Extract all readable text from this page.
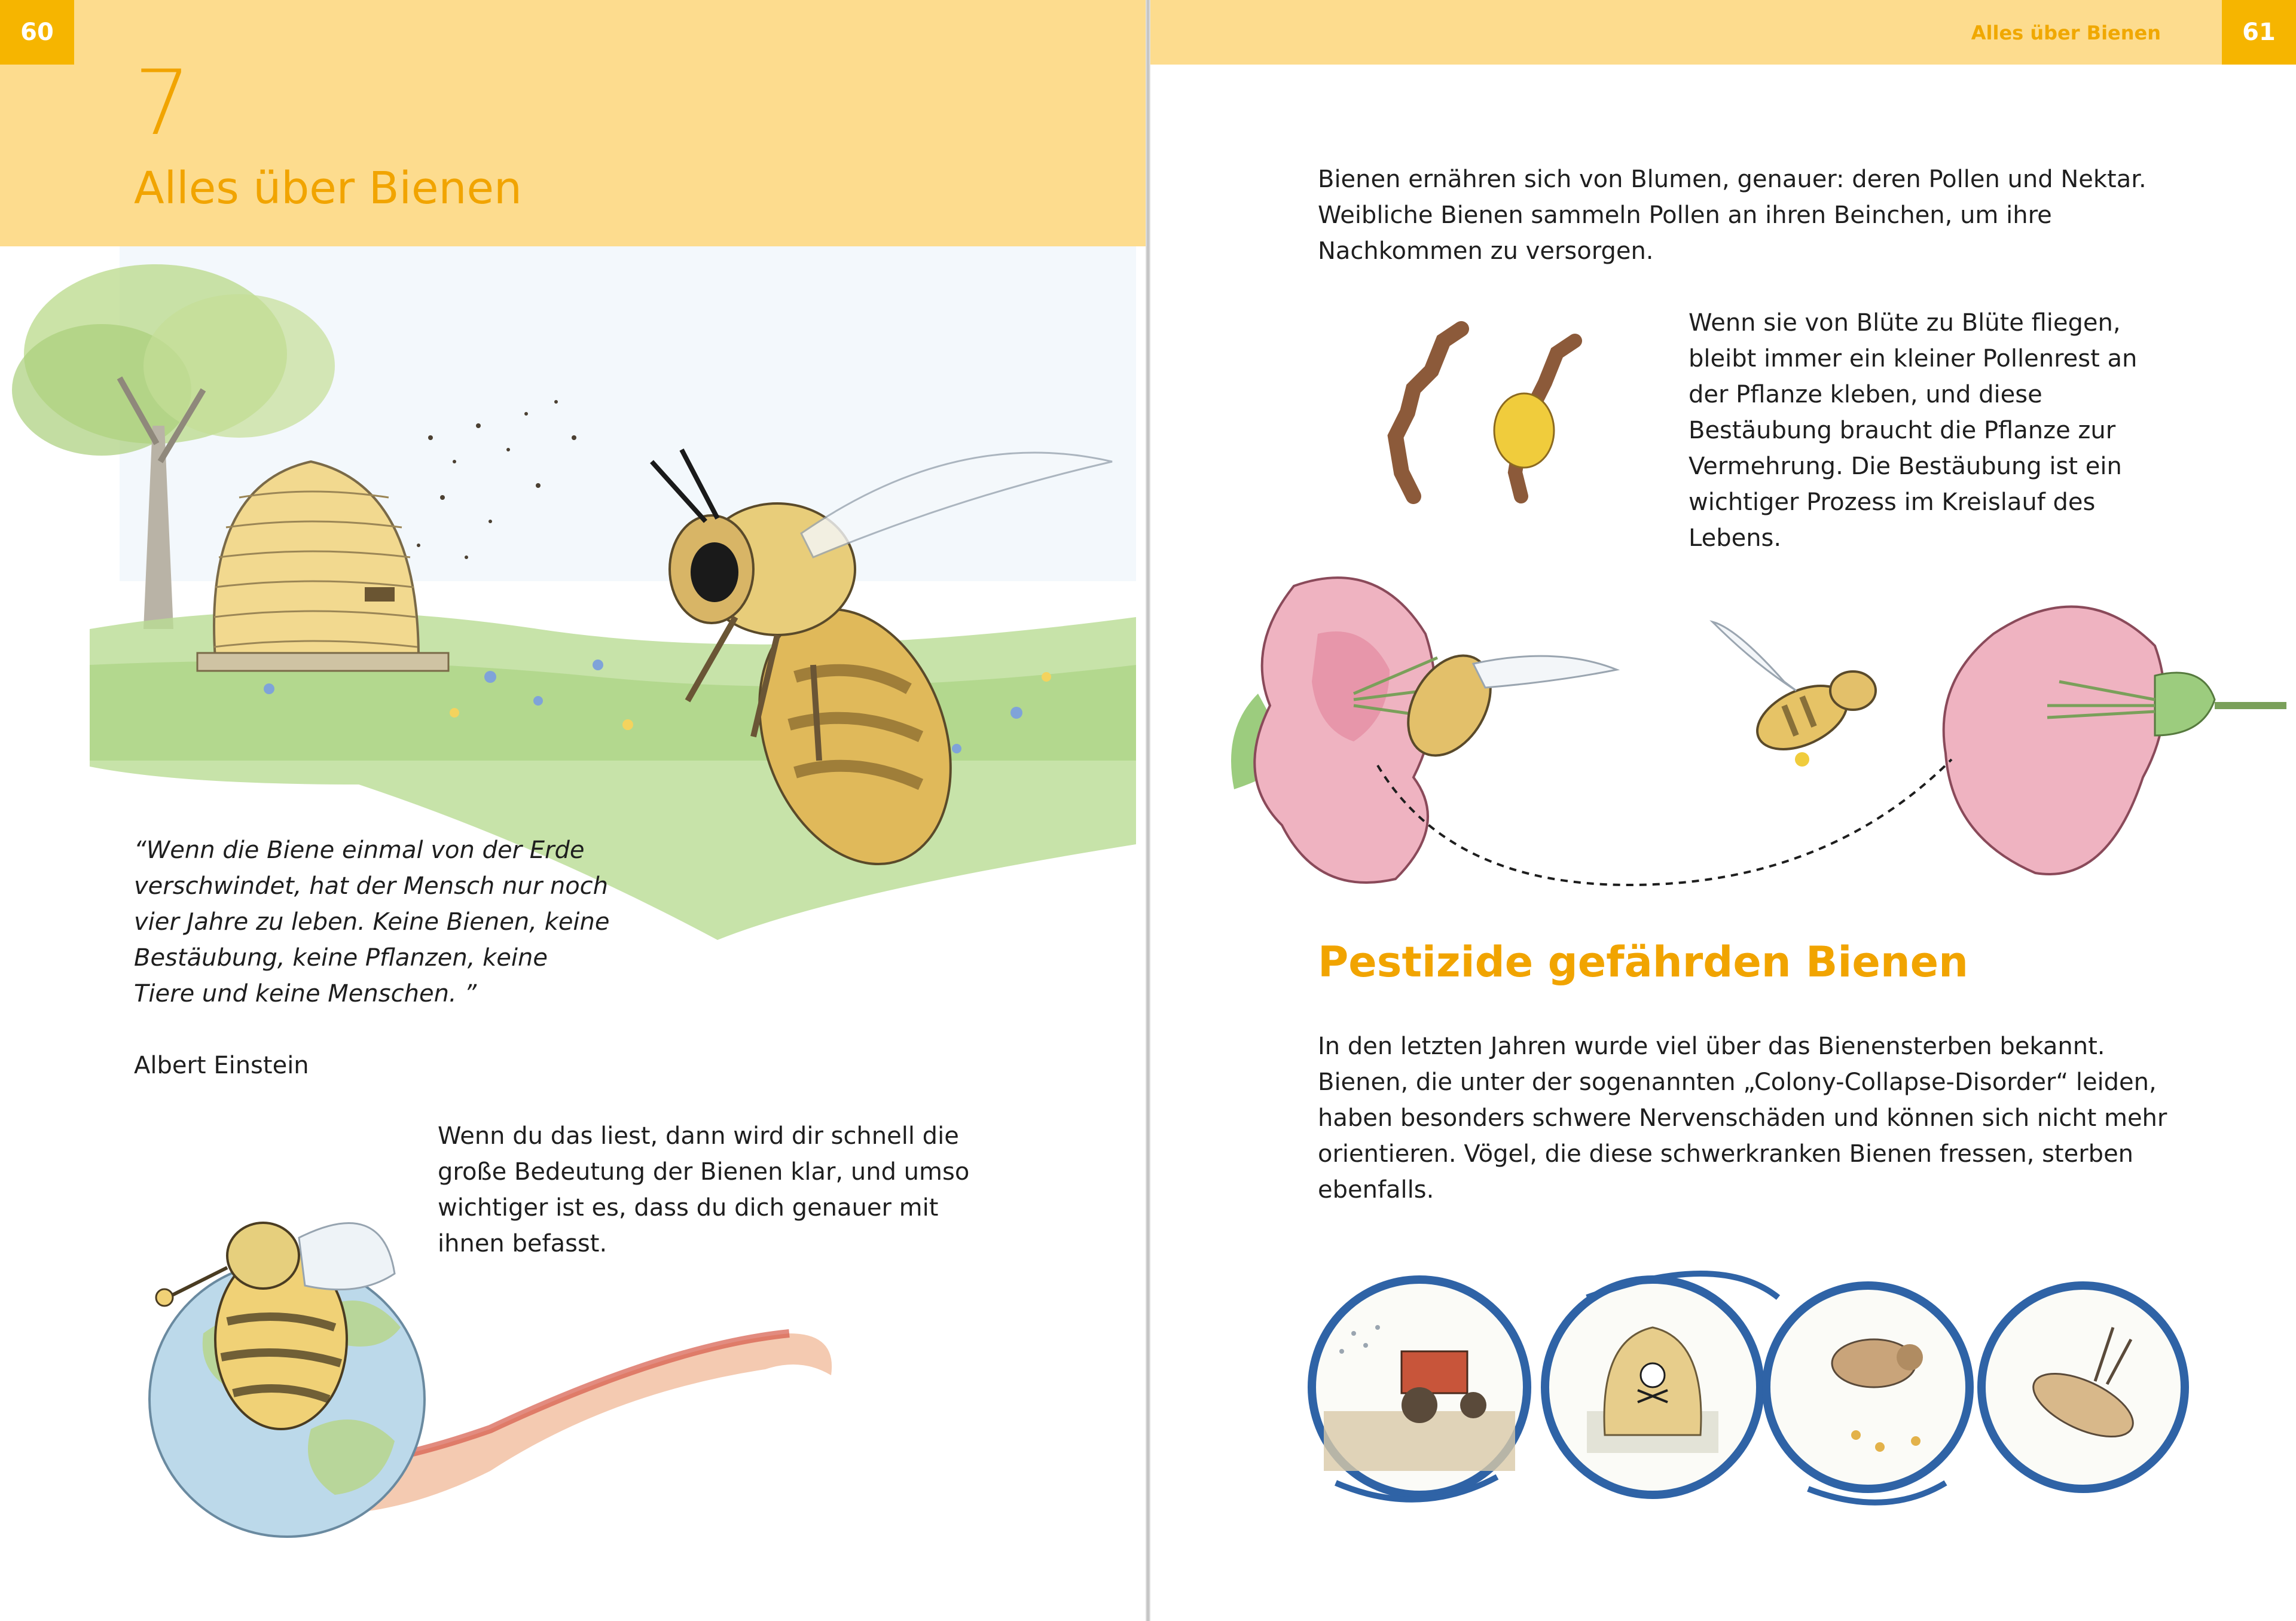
60
7
Alles über Bienen

“Wenn die Biene einmal von der Erde verschwindet, hat der Mensch nur noch vier Jahre zu leben. Keine Bienen, keine Bestäubung, keine Pflanzen, keine Tiere und keine Menschen. ”

Albert Einstein

Wenn du das liest, dann wird dir schnell die große Bedeutung der Bienen klar, und umso wichtiger ist es, dass du dich genauer mit ihnen befasst.

Alles über Bienen	61

Bienen ernähren sich von Blumen, genauer: deren Pollen und Nektar. Weibliche Bienen sammeln Pollen an ihren Beinchen, um ihre Nachkommen zu versorgen.

Wenn sie von Blüte zu Blüte fliegen, bleibt immer ein kleiner Pollenrest an der Pflanze kleben, und diese Bestäubung braucht die Pflanze zur Vermehrung. Die Bestäubung ist ein wichtiger Prozess im Kreislauf des Lebens.

Pestizide gefährden Bienen

In den letzten Jahren wurde viel über das Bienensterben bekannt. Bienen, die unter der sogenannten „Colony-Collapse-Disorder“ leiden, haben besonders schwere Nervenschäden und können sich nicht mehr orientieren. Vögel, die diese schwerkranken Bienen fressen, sterben ebenfalls.
